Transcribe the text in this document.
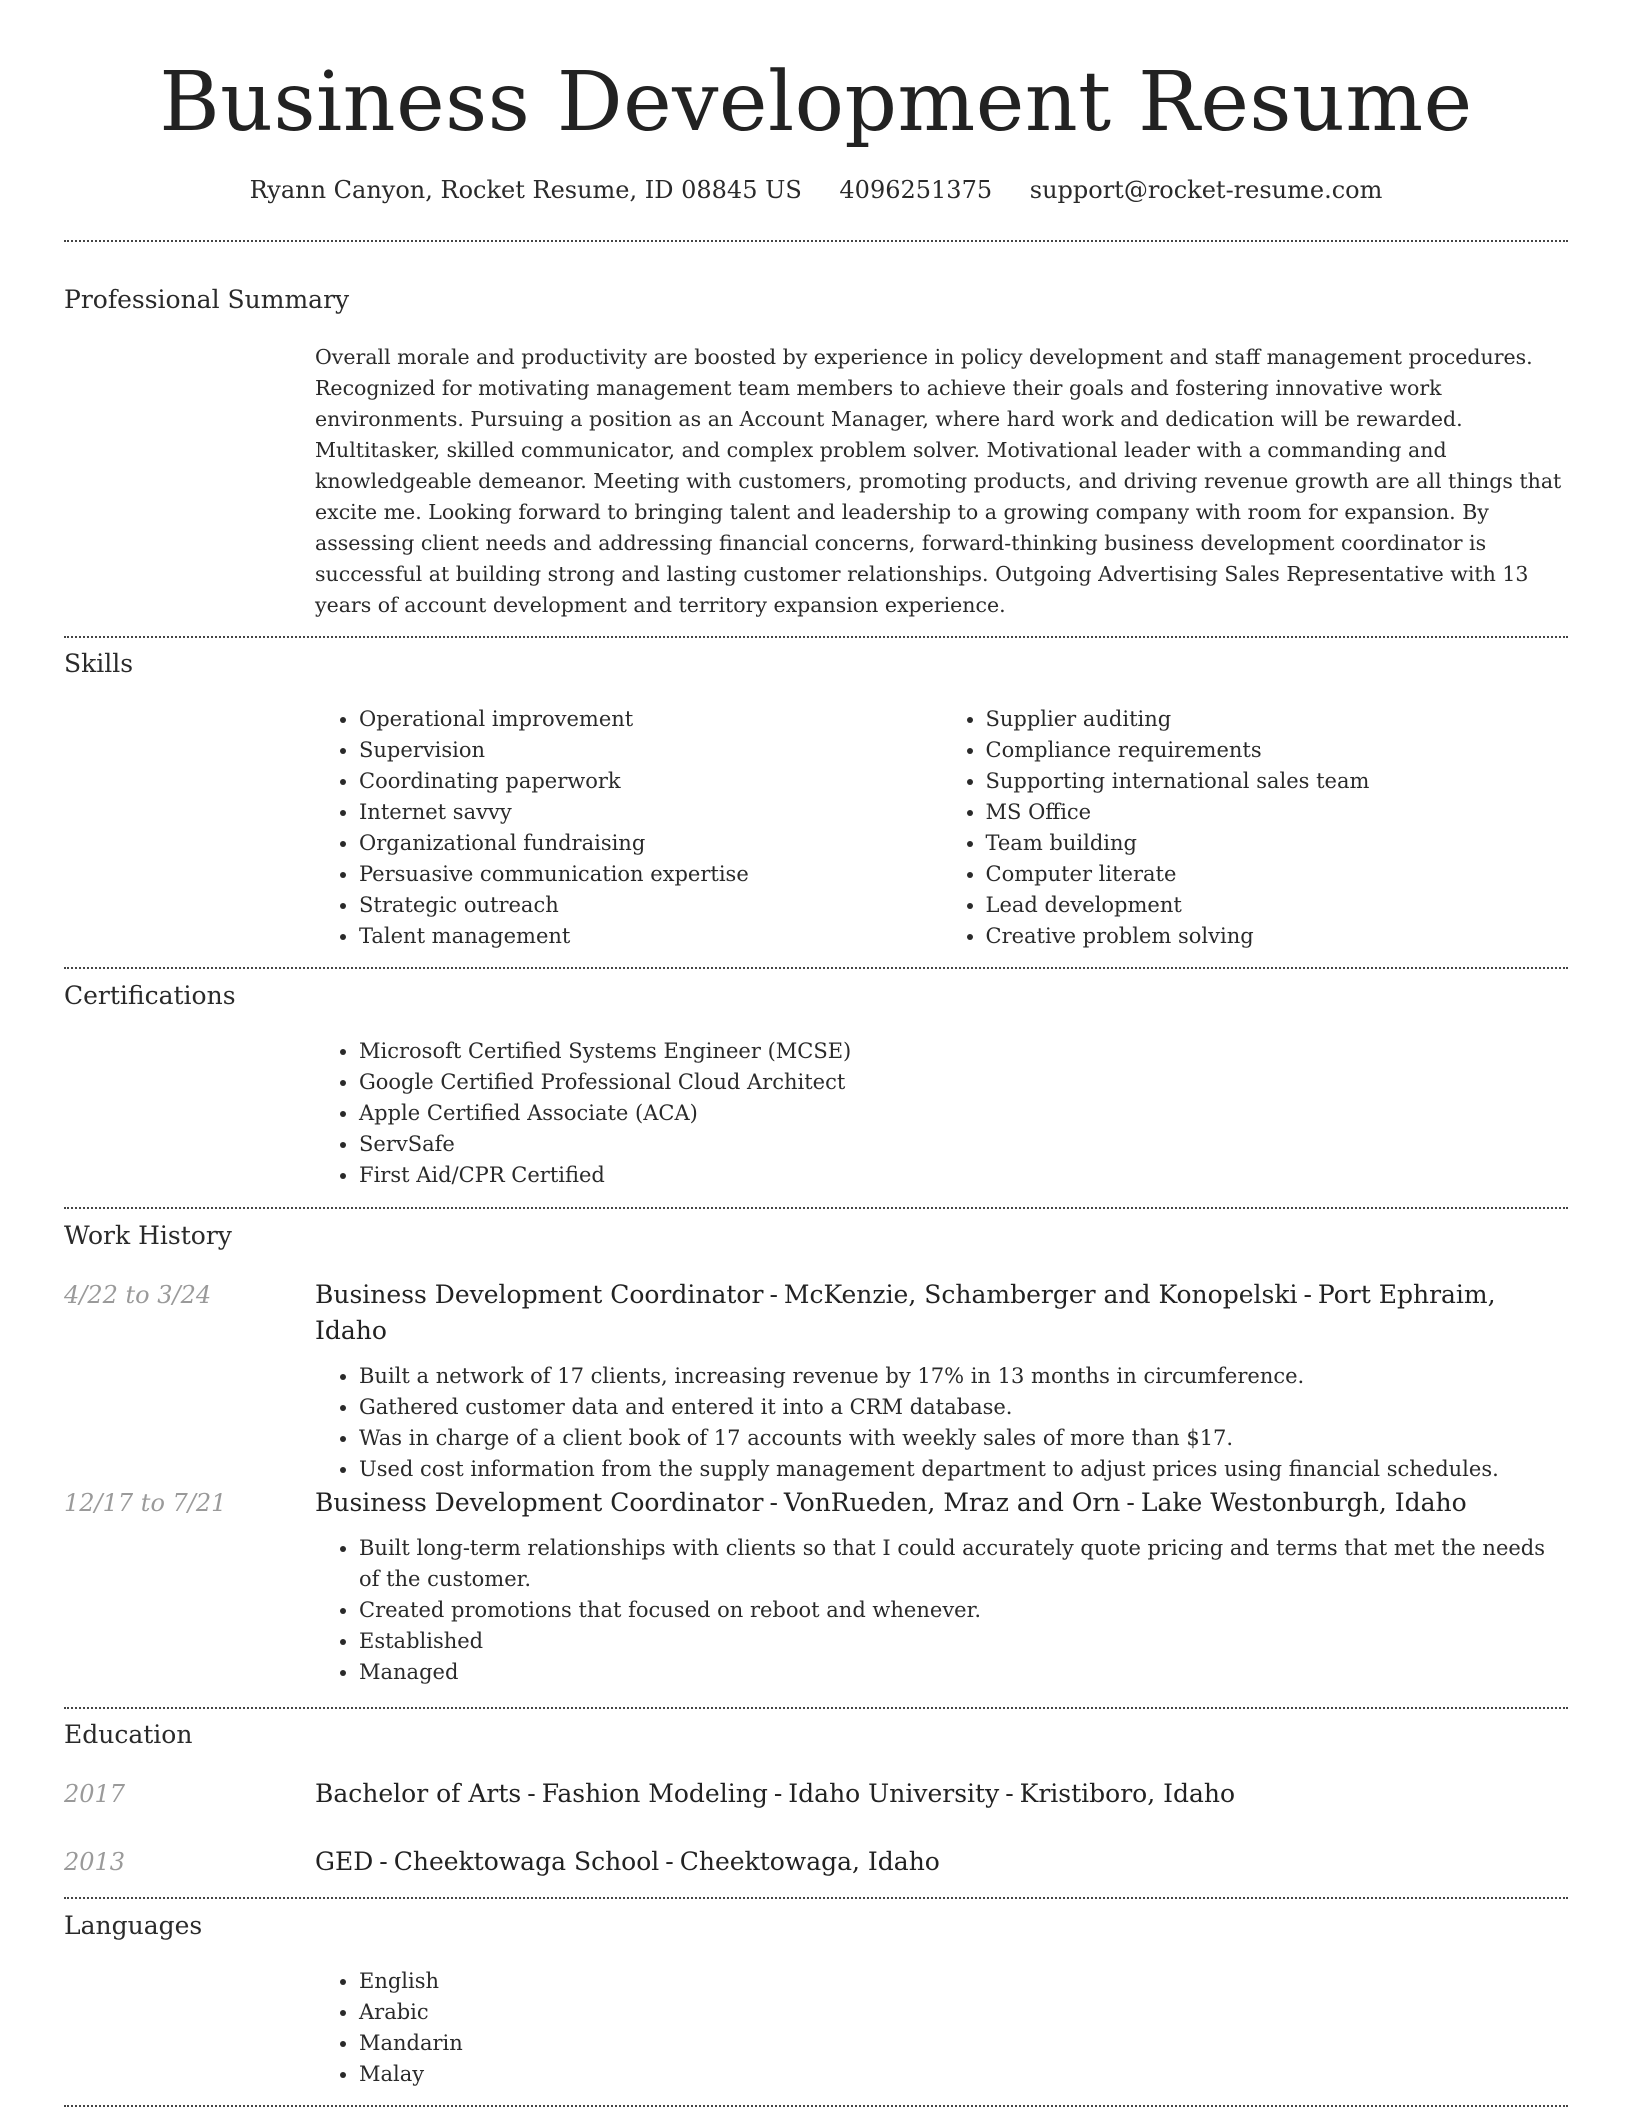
Business Development Resume
Ryann Canyon, Rocket Resume, ID 08845 US 4096251375 support@rocket-resume.com
Professional Summary

Overall morale and productivity are boosted by experience in policy development and staff management procedures. Recognized for motivating management team members to achieve their goals and fostering innovative work environments. Pursuing a position as an Account Manager, where hard work and dedication will be rewarded. Multitasker, skilled communicator, and complex problem solver. Motivational leader with a commanding and knowledgeable demeanor. Meeting with customers, promoting products, and driving revenue growth are all things that excite me. Looking forward to bringing talent and leadership to a growing company with room for expansion. By assessing client needs and addressing financial concerns, forward-thinking business development coordinator is successful at building strong and lasting customer relationships. Outgoing Advertising Sales Representative with 13 years of account development and territory expansion experience.

Skills
• Operational improvement
• Supervision
• Coordinating paperwork
• Internet savvy
• Organizational fundraising
• Persuasive communication expertise
• Strategic outreach
• Talent management
• Supplier auditing
• Compliance requirements
• Supporting international sales team
• MS Office
• Team building
• Computer literate
• Lead development
• Creative problem solving
Certifications
• Microsoft Certified Systems Engineer (MCSE)
• Google Certified Professional Cloud Architect
• Apple Certified Associate (ACA)
• ServSafe
• First Aid/CPR Certified
Work History
4/22 to 3/24	Business Development Coordinator - McKenzie, Schamberger and Konopelski - Port Ephraim, Idaho
• Built a network of 17 clients, increasing revenue by 17% in 13 months in circumference.
• Gathered customer data and entered it into a CRM database.
• Was in charge of a client book of 17 accounts with weekly sales of more than $17.
• Used cost information from the supply management department to adjust prices using financial schedules.
12/17 to 7/21	Business Development Coordinator - VonRueden, Mraz and Orn - Lake Westonburgh, Idaho
• Built long-term relationships with clients so that I could accurately quote pricing and terms that met the needs of the customer.
• Created promotions that focused on reboot and whenever.
• Established
• Managed
Education
2017	Bachelor of Arts - Fashion Modeling - Idaho University - Kristiboro, Idaho
2013	GED - Cheektowaga School - Cheektowaga, Idaho
Languages
• English
• Arabic
• Mandarin
• Malay
